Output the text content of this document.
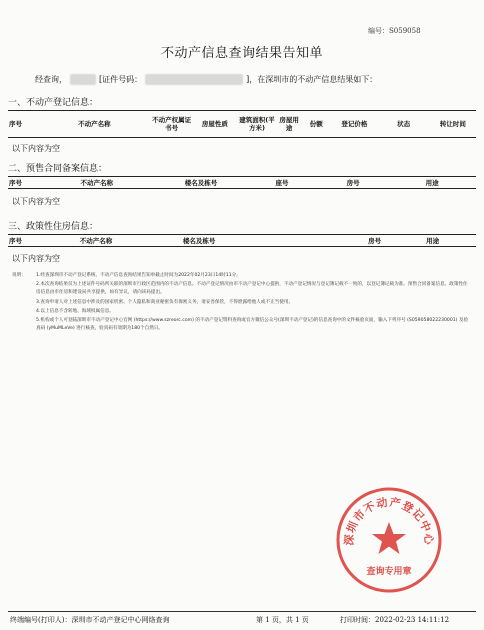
编号：S059058
不动产信息查询结果告知单
经查询，	[证件号码：	]，在深圳市的不动产信息结果如下：
一、不动产登记信息：
序号	不动产名称	不动产权属证书号	房屋性质	建筑面积(平方米)	房屋用途	份额	登记价格	状态	转让时间
以下内容为空
二、预售合同备案信息：
序号	不动产名称	楼名及栋号	座号	房号	用途
以下内容为空
三、政策性住房信息：
序号	不动产名称	楼名及栋号	房号	用途
以下内容为空
说明： 1.经查深圳市不动产登记系统，不动产信息查询结果告知单截止时间为2022年02月23日14时11分。
2.本次查询结果仅为上述证件号码所关联的深圳市行政区范围内的不动产信息。不动产登记情况由市不动产登记中心提供，不动产登记情况与登记簿记载不一致的，以登记簿记载为准。预售合同备案信息、政策性住房信息由市住房和建设局共享提供，如有异议，请向该局提出。
3.查询申请人对上述信息中涉及的国家机密、个人隐私和商业秘密负有保密义务，请妥善保管，不得泄露给他人或不正当使用。
4.以上信息不含转地、海域权属信息。
5.机构或个人可登陆深圳市不动产登记中心官网 (https://www.szreorc.com) 的不动产登记资料查询或官方微信公众号(深圳不动产登记)的信息查询中的文件核验页面，输入下列序号 (S059058022230001) 及验真码 (yMuMLeVe) 进行核查，验真码有效期为180个自然日。
深圳市不动产登记中心
查询专用章
终端编号(打印人)：深圳市不动产登记中心网络查询	第 1 页，共 1 页	打印时间：2022-02-23 14:11:12
